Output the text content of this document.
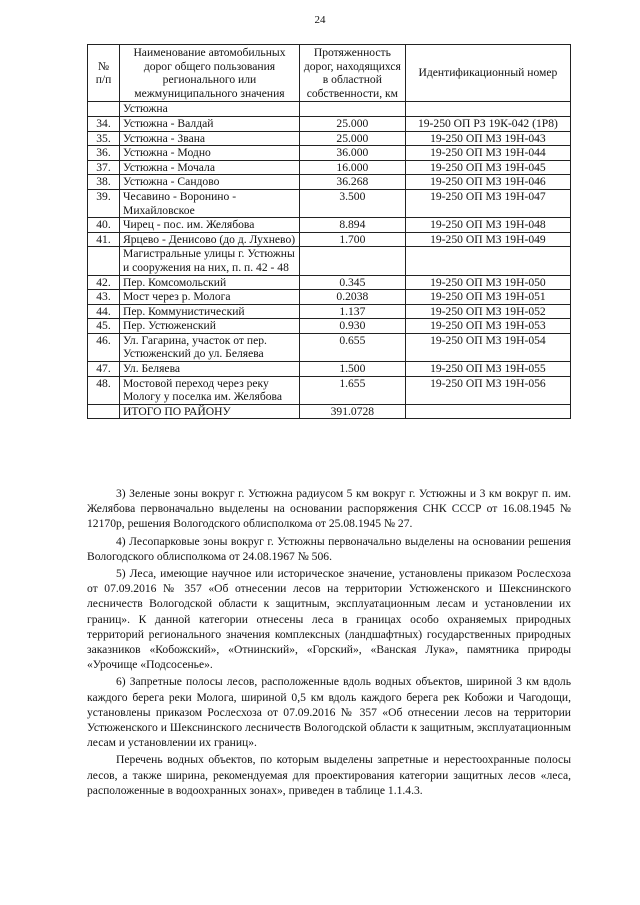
24
№
п/п	Наименование автомобильных дорог общего пользования регионального или межмуниципального значения	Протяженность дорог, находящихся в областной собственности, км	Идентификационный номер
	Устюжна		
34.	Устюжна - Валдай	25.000	19-250 ОП РЗ 19К-042 (1Р8)
35.	Устюжна - Звана	25.000	19-250 ОП МЗ 19Н-043
36.	Устюжна - Модно	36.000	19-250 ОП МЗ 19Н-044
37.	Устюжна - Мочала	16.000	19-250 ОП МЗ 19Н-045
38.	Устюжна - Сандово	36.268	19-250 ОП МЗ 19Н-046
39.	Чесавино - Воронино - Михайловское	3.500	19-250 ОП МЗ 19Н-047
40.	Чирец - пос. им. Желябова	8.894	19-250 ОП МЗ 19Н-048
41.	Ярцево - Денисово (до д. Лухнево)	1.700	19-250 ОП МЗ 19Н-049
	Магистральные улицы г. Устюжны и сооружения на них, п. п. 42 - 48		
42.	Пер. Комсомольский	0.345	19-250 ОП МЗ 19Н-050
43.	Мост через р. Молога	0.2038	19-250 ОП МЗ 19Н-051
44.	Пер. Коммунистический	1.137	19-250 ОП МЗ 19Н-052
45.	Пер. Устюженский	0.930	19-250 ОП МЗ 19Н-053
46.	Ул. Гагарина, участок от пер. Устюженский до ул. Беляева	0.655	19-250 ОП МЗ 19Н-054
47.	Ул. Беляева	1.500	19-250 ОП МЗ 19Н-055
48.	Мостовой переход через реку Мологу у поселка им. Желябова	1.655	19-250 ОП МЗ 19Н-056
	ИТОГО ПО РАЙОНУ	391.0728	

3) Зеленые зоны вокруг г. Устюжна радиусом 5 км вокруг г. Устюжны и 3 км вокруг п. им. Желябова первоначально выделены на основании распоряжения СНК СССР от 16.08.1945 № 12170р, решения Вологодского облисполкома от 25.08.1945 № 27.

4) Лесопарковые зоны вокруг г. Устюжны первоначально выделены на основании решения Вологодского облисполкома от 24.08.1967 № 506.

5) Леса, имеющие научное или историческое значение, установлены приказом Рослесхоза от 07.09.2016 № 357 «Об отнесении лесов на территории Устюженского и Шекснинского лесничеств Вологодской области к защитным, эксплуатационным лесам и установлении их границ». К данной категории отнесены леса в границах особо охраняемых природных территорий регионального значения комплексных (ландшафтных) государственных природных заказников «Кобожский», «Отнинский», «Горский», «Ванская Лука», памятника природы «Урочище «Подсосенье».

6) Запретные полосы лесов, расположенные вдоль водных объектов, шириной 3 км вдоль каждого берега реки Молога, шириной 0,5 км вдоль каждого берега рек Кобожи и Чагодощи, установлены приказом Рослесхоза от 07.09.2016 № 357 «Об отнесении лесов на территории Устюженского и Шекснинского лесничеств Вологодской области к защитным, эксплуатационным лесам и установлении их границ».

Перечень водных объектов, по которым выделены запретные и нерестоохранные полосы лесов, а также ширина, рекомендуемая для проектирования категории защитных лесов «леса, расположенные в водоохранных зонах», приведен в таблице 1.1.4.3.
